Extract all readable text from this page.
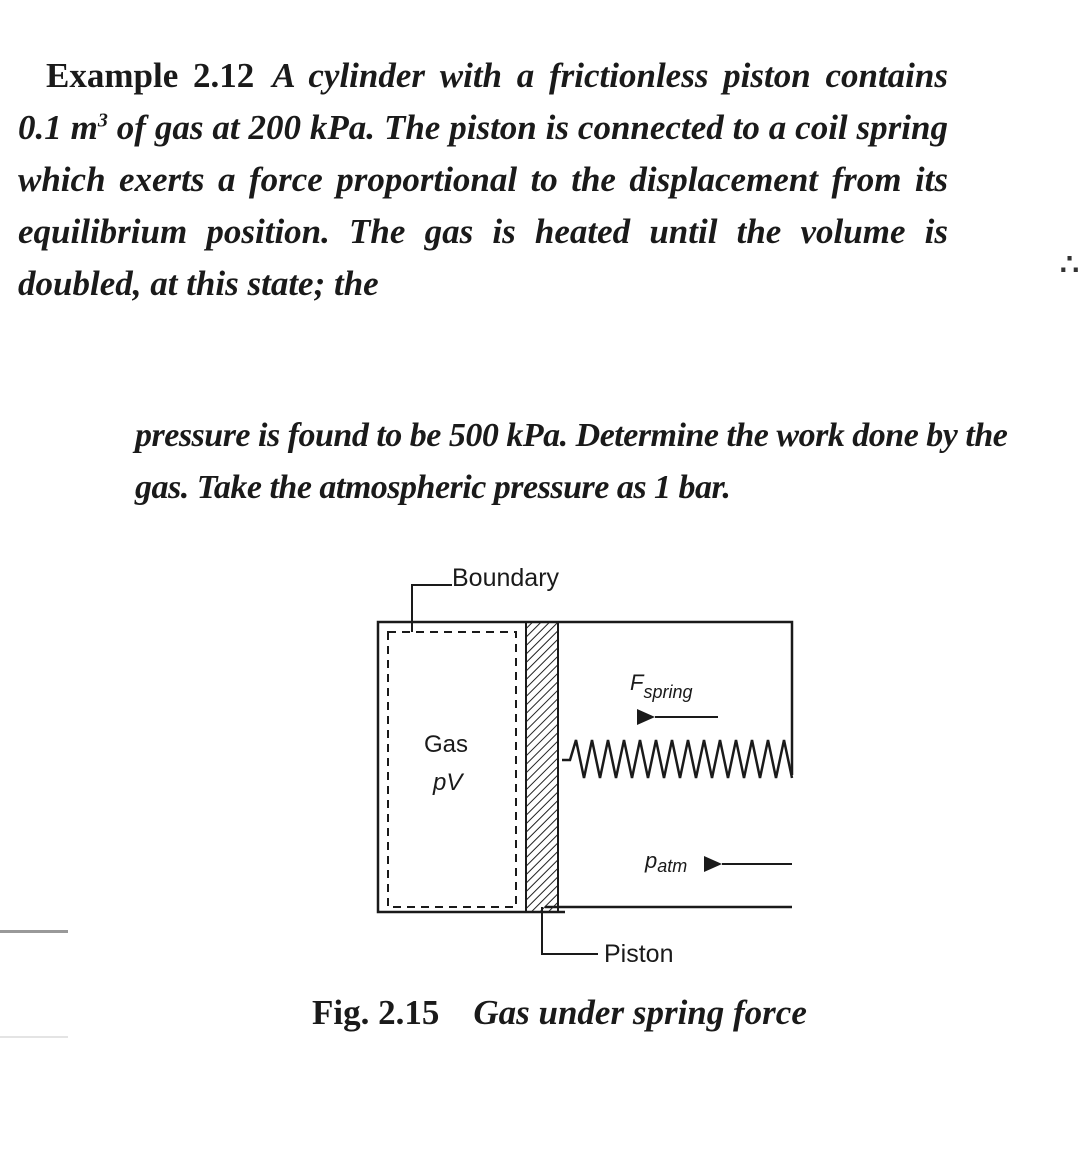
Example 2.12 A cylinder with a frictionless piston contains 0.1 $m^3$ of gas at 200 kPa. The piston is connected to a coil spring which exerts a force proportional to the displacement from its equilibrium position. The gas is heated until the volume is doubled, at this state; the	∴
pressure is found to be 500 kPa. Determine the work done by the gas. Take the atmospheric pressure as 1 bar.
Boundary
Gas
pV
$F_{spring}$
patm
Piston
Fig. 2.15 Gas under spring force
